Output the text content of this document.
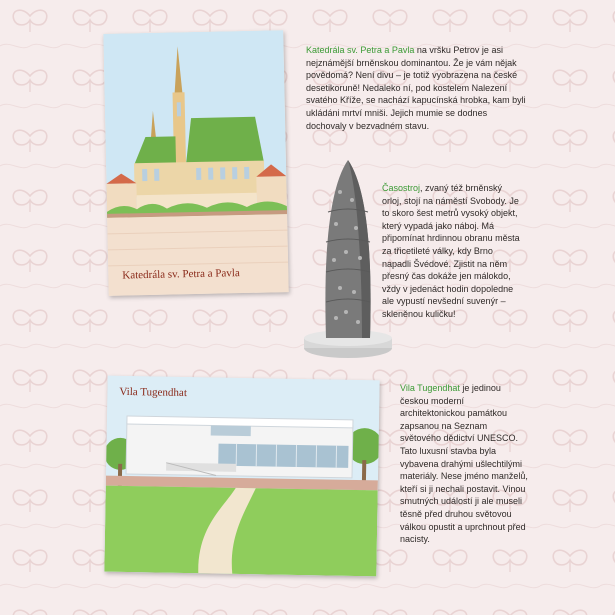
Katedrála sv. Petra a Pavla
Katedrála sv. Petra a Pavla na vršku Petrov je asi nejznámější brněnskou dominantou. Že je vám nějak povědomá? Není divu – je totiž vyobrazena na české desetikoruně! Nedaleko ní, pod kostelem Nalezení svatého Kříže, se nachází kapucínská hrobka, kam byli ukládáni mrtví mniši. Jejich mumie se dodnes dochovaly v bezvadném stavu.
Časostroj, zvaný též brněnský orloj, stojí na náměstí Svobody. Je to skoro šest metrů vysoký objekt, který vypadá jako náboj. Má připomínat hrdinnou obranu města za třicetileté války, kdy Brno napadli Švédové. Zjistit na něm přesný čas dokáže jen málokdo, vždy v jedenáct hodin dopoledne ale vypustí nevšední suvenýr – skleněnou kuličku!
Vila Tugendhat	Vila Tugendhat je jedinou českou moderní architektonickou památkou zapsanou na Seznam světového dědictví UNESCO. Tato luxusní stavba byla vybavena drahými ušlechtilými materiály. Nese jméno manželů, kteří si ji nechali postavit. Vinou smutných událostí ji ale museli těsně před druhou světovou válkou opustit a uprchnout před nacisty.
